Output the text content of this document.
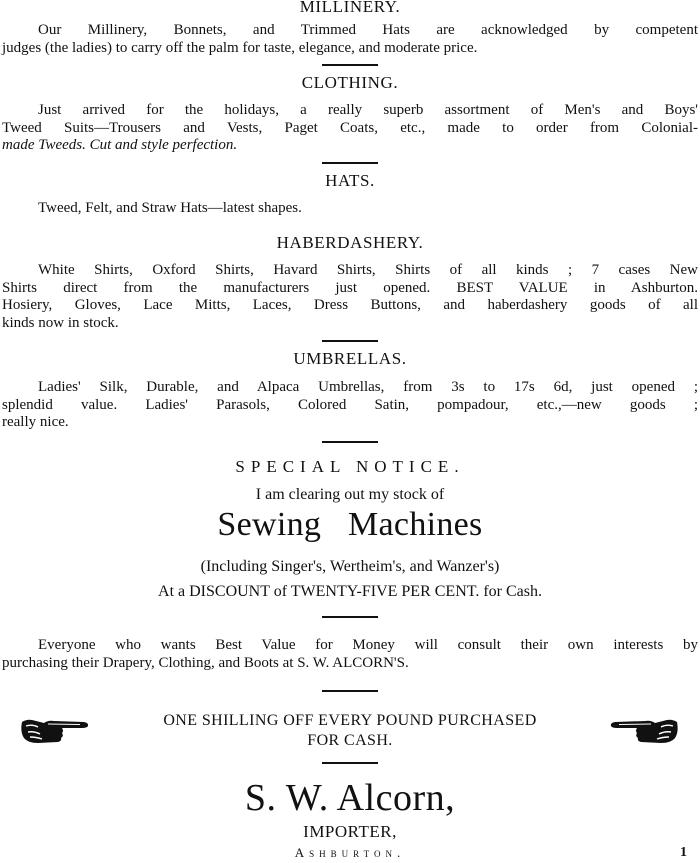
MILLINERY.
Our Millinery, Bonnets, and Trimmed Hats are acknowledged by competent
judges (the ladies) to carry off the palm for taste, elegance, and moderate price.
CLOTHING.
Just arrived for the holidays, a really superb assortment of Men's and Boys'
Tweed Suits—Trousers and Vests, Paget Coats, etc., made to order from Colonial-
made Tweeds. Cut and style perfection.
HATS.
Tweed, Felt, and Straw Hats—latest shapes.
HABERDASHERY.
White Shirts, Oxford Shirts, Havard Shirts, Shirts of all kinds ; 7 cases New
Shirts direct from the manufacturers just opened. BEST VALUE in Ashburton.
Hosiery, Gloves, Lace Mitts, Laces, Dress Buttons, and haberdashery goods of all
kinds now in stock.
UMBRELLAS.
Ladies' Silk, Durable, and Alpaca Umbrellas, from 3s to 17s 6d, just opened ;
splendid value. Ladies' Parasols, Colored Satin, pompadour, etc.,—new goods ;
really nice.
SPECIAL NOTICE.
I am clearing out my stock of
Sewing Machines
(Including Singer's, Wertheim's, and Wanzer's)
At a DISCOUNT of TWENTY-FIVE PER CENT. for Cash.
Everyone who wants Best Value for Money will consult their own interests by
purchasing their Drapery, Clothing, and Boots at S. W. ALCORN'S.
ONE SHILLING OFF EVERY POUND PURCHASED
FOR CASH.
S. W. Alcorn,
IMPORTER,
Ashburton.	1
